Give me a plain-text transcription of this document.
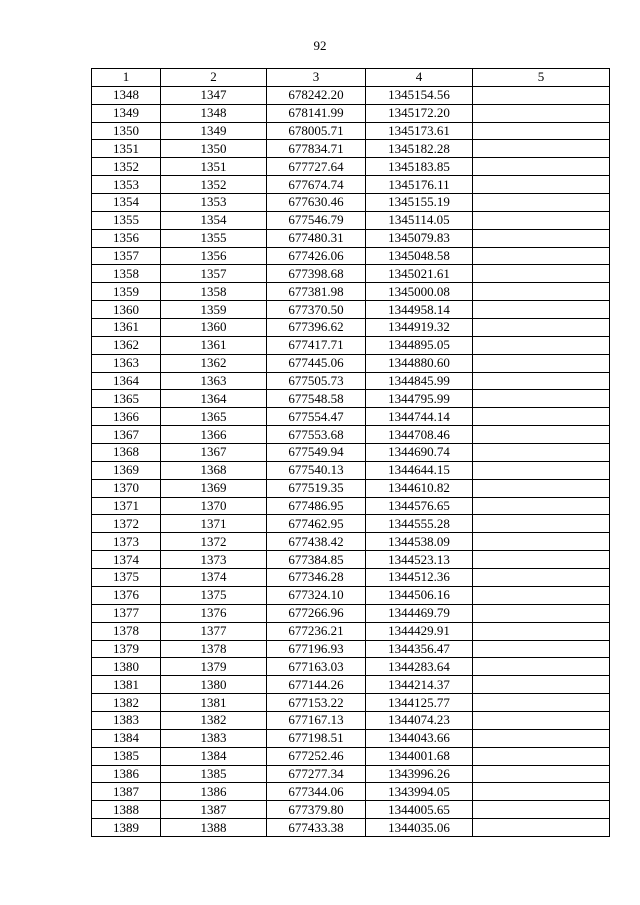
92
1	2	3	4	5
1348	1347	678242.20	1345154.56	
1349	1348	678141.99	1345172.20	
1350	1349	678005.71	1345173.61	
1351	1350	677834.71	1345182.28	
1352	1351	677727.64	1345183.85	
1353	1352	677674.74	1345176.11	
1354	1353	677630.46	1345155.19	
1355	1354	677546.79	1345114.05	
1356	1355	677480.31	1345079.83	
1357	1356	677426.06	1345048.58	
1358	1357	677398.68	1345021.61	
1359	1358	677381.98	1345000.08	
1360	1359	677370.50	1344958.14	
1361	1360	677396.62	1344919.32	
1362	1361	677417.71	1344895.05	
1363	1362	677445.06	1344880.60	
1364	1363	677505.73	1344845.99	
1365	1364	677548.58	1344795.99	
1366	1365	677554.47	1344744.14	
1367	1366	677553.68	1344708.46	
1368	1367	677549.94	1344690.74	
1369	1368	677540.13	1344644.15	
1370	1369	677519.35	1344610.82	
1371	1370	677486.95	1344576.65	
1372	1371	677462.95	1344555.28	
1373	1372	677438.42	1344538.09	
1374	1373	677384.85	1344523.13	
1375	1374	677346.28	1344512.36	
1376	1375	677324.10	1344506.16	
1377	1376	677266.96	1344469.79	
1378	1377	677236.21	1344429.91	
1379	1378	677196.93	1344356.47	
1380	1379	677163.03	1344283.64	
1381	1380	677144.26	1344214.37	
1382	1381	677153.22	1344125.77	
1383	1382	677167.13	1344074.23	
1384	1383	677198.51	1344043.66	
1385	1384	677252.46	1344001.68	
1386	1385	677277.34	1343996.26	
1387	1386	677344.06	1343994.05	
1388	1387	677379.80	1344005.65	
1389	1388	677433.38	1344035.06	
